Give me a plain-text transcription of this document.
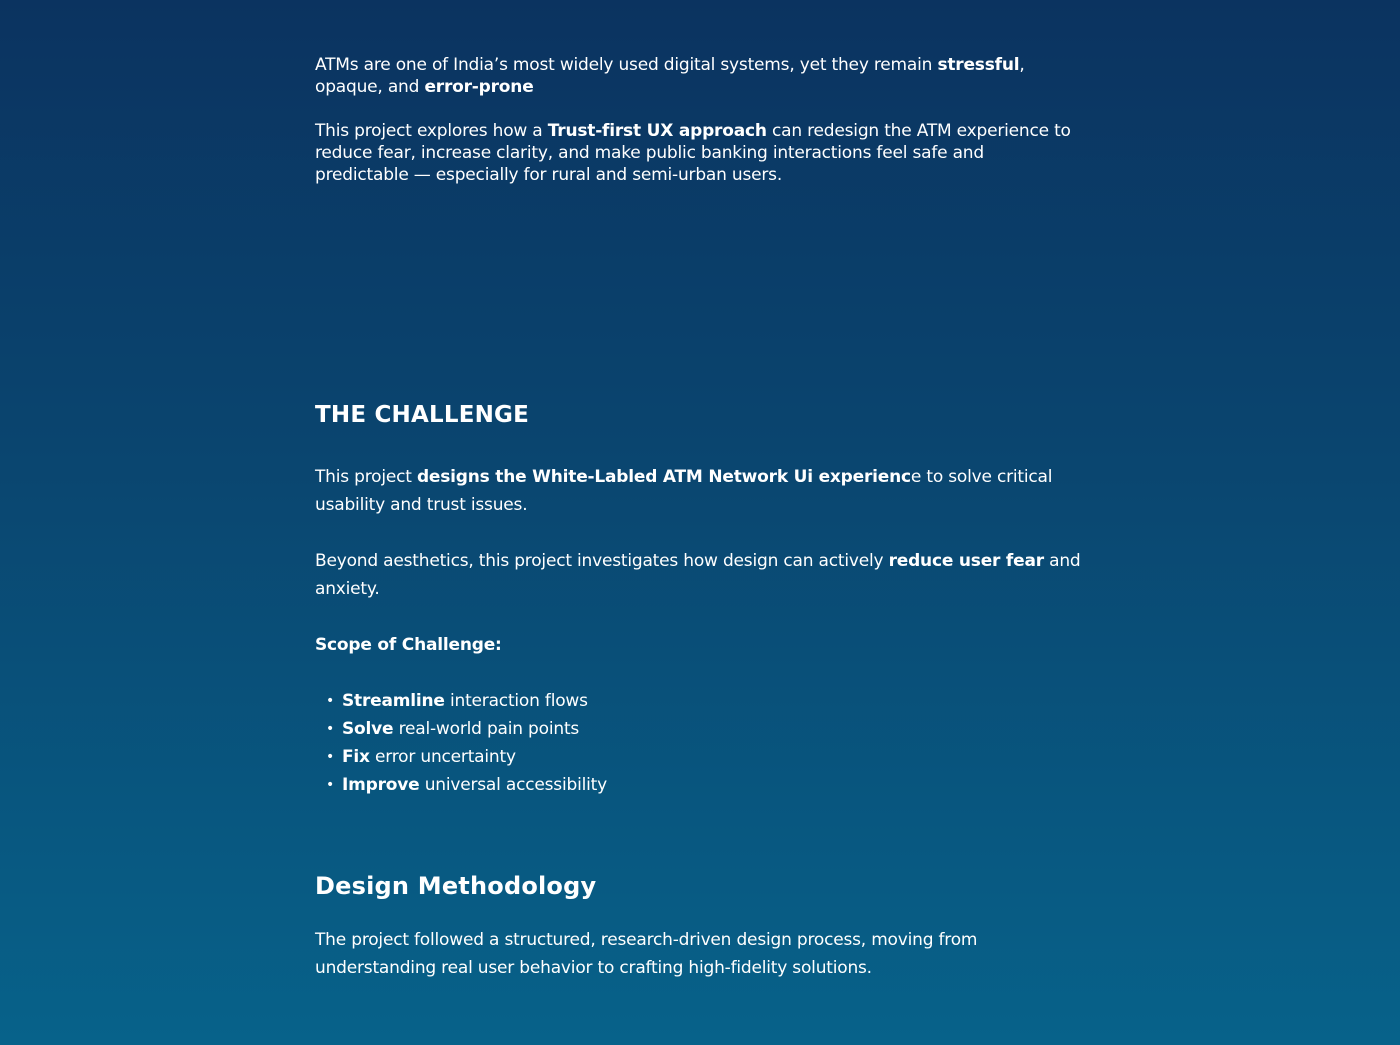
ATMs are one of India’s most widely used digital systems, yet they remain stressful, opaque, and error-prone

This project explores how a Trust-first UX approach can redesign the ATM experience to reduce fear, increase clarity, and make public banking interactions feel safe and predictable — especially for rural and semi-urban users.

THE CHALLENGE

This project designs the White-Labled ATM Network Ui experience to solve critical usability and trust issues.

Beyond aesthetics, this project investigates how design can actively reduce user fear and anxiety.

Scope of Challenge:

• Streamline interaction flows
• Solve real-world pain points
• Fix error uncertainty
• Improve universal accessibility
Design Methodology

The project followed a structured, research-driven design process, moving from understanding real user behavior to crafting high-fidelity solutions.
